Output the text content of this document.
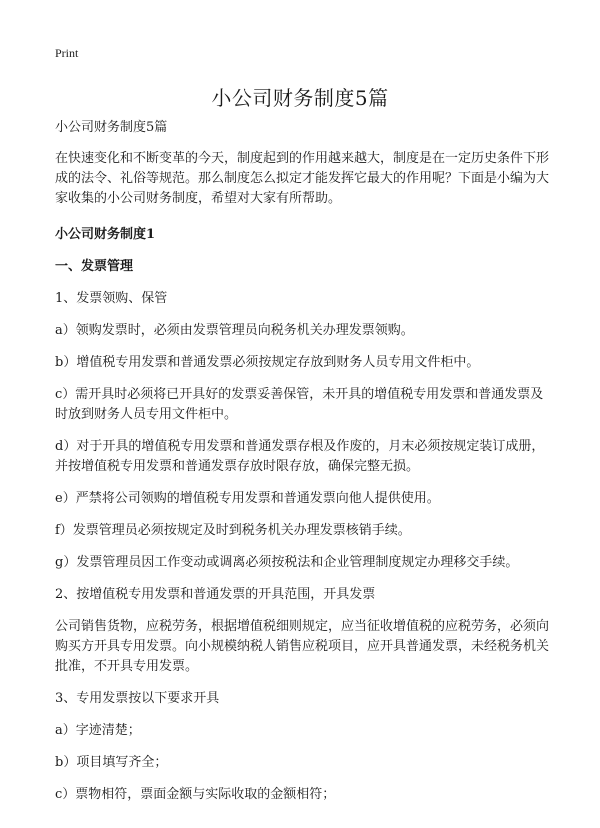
Print
小公司财务制度5篇

小公司财务制度5篇

在快速变化和不断变革的今天，制度起到的作用越来越大，制度是在一定历史条件下形成的法令、礼俗等规范。那么制度怎么拟定才能发挥它最大的作用呢？下面是小编为大家收集的小公司财务制度，希望对大家有所帮助。

小公司财务制度1

一、发票管理

1、发票领购、保管

a）领购发票时，必须由发票管理员向税务机关办理发票领购。

b）增值税专用发票和普通发票必须按规定存放到财务人员专用文件柜中。

c）需开具时必须将已开具好的发票妥善保管，未开具的增值税专用发票和普通发票及时放到财务人员专用文件柜中。

d）对于开具的增值税专用发票和普通发票存根及作废的，月末必须按规定装订成册，并按增值税专用发票和普通发票存放时限存放，确保完整无损。

e）严禁将公司领购的增值税专用发票和普通发票向他人提供使用。

f）发票管理员必须按规定及时到税务机关办理发票核销手续。

g）发票管理员因工作变动或调离必须按税法和企业管理制度规定办理移交手续。

2、按增值税专用发票和普通发票的开具范围，开具发票

公司销售货物，应税劳务，根据增值税细则规定，应当征收增值税的应税劳务，必须向购买方开具专用发票。向小规模纳税人销售应税项目，应开具普通发票，未经税务机关批准，不开具专用发票。

3、专用发票按以下要求开具

a）字迹清楚；

b）项目填写齐全；

c）票物相符，票面金额与实际收取的金额相符；
